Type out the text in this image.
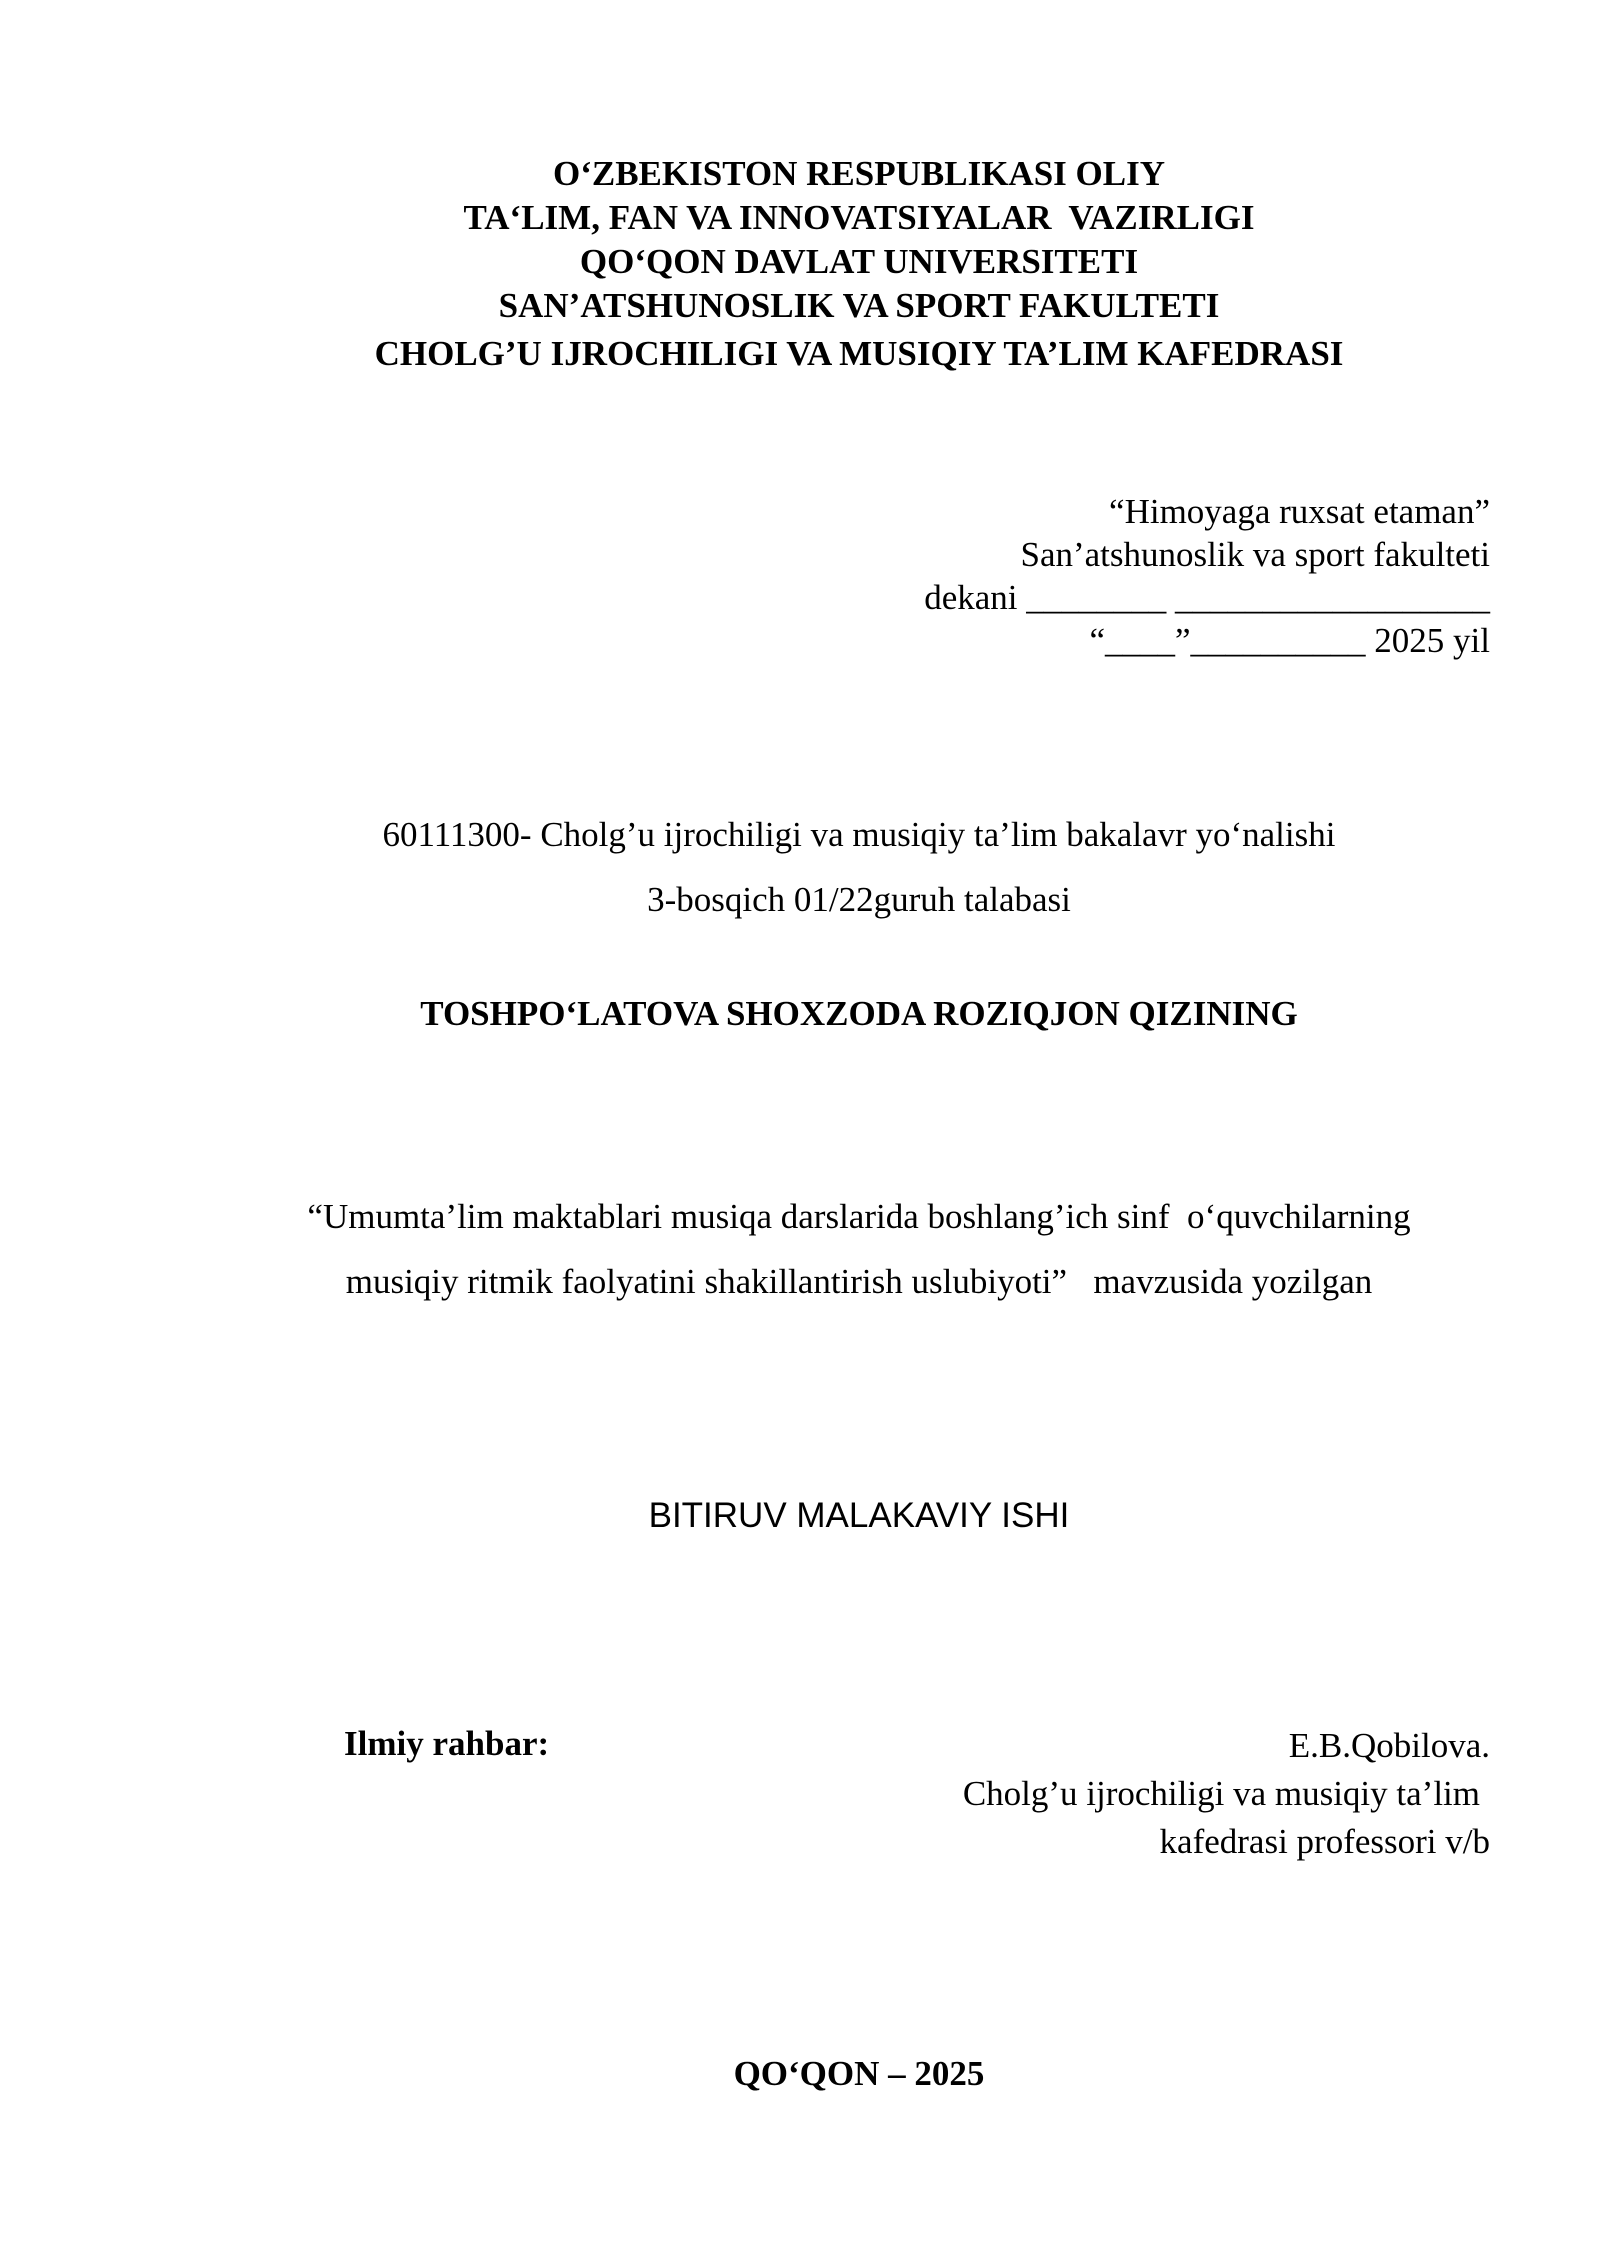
O‘ZBEKISTON RESPUBLIKASI OLIY
TA‘LIM, FAN VA INNOVATSIYALAR  VAZIRLIGI
QO‘QON DAVLAT UNIVERSITETI
SAN’ATSHUNOSLIK VA SPORT FAKULTETI
CHOLG’U IJROCHILIGI VA MUSIQIY TA’LIM KAFEDRASI
“Himoyaga ruxsat etaman”
San’atshunoslik va sport fakulteti
dekani ________ __________________
“____”__________ 2025 yil
60111300- Cholg’u ijrochiligi va musiqiy ta’lim bakalavr yo‘nalishi
3-bosqich 01/22guruh talabasi
TOSHPO‘LATOVA SHOXZODA ROZIQJON QIZINING
“Umumta’lim maktablari musiqa darslarida boshlang’ich sinf  o‘quvchilarning
musiqiy ritmik faolyatini shakillantirish uslubiyoti”   mavzusida yozilgan
BITIRUV MALAKAVIY ISHI
Ilmiy rahbar:	E.B.Qobilova.
Cholg’u ijrochiligi va musiqiy ta’lim
kafedrasi professori v/b
QO‘QON – 2025
